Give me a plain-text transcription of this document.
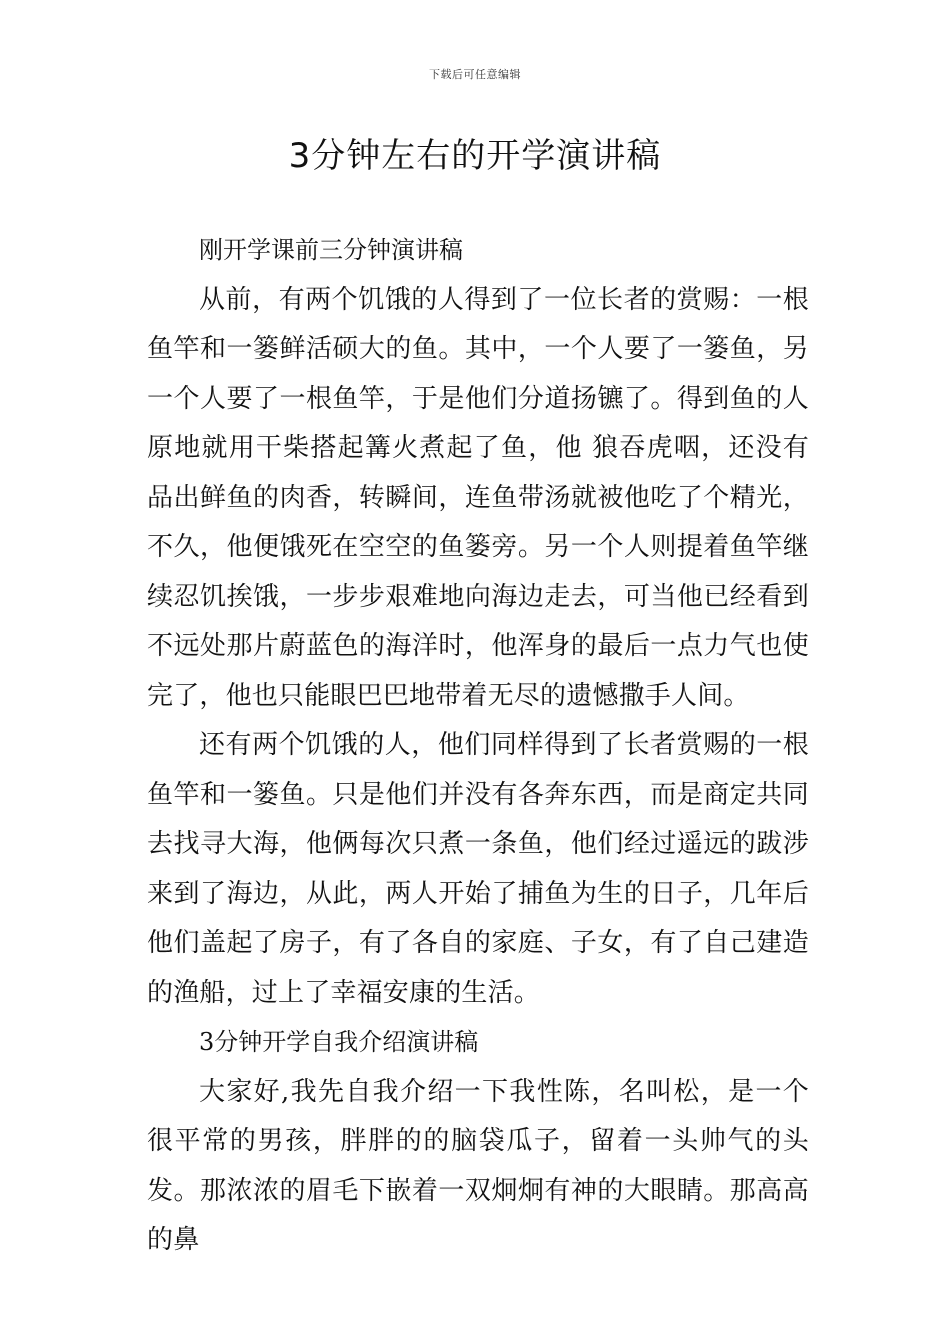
下载后可任意编辑
3分钟左右的开学演讲稿

刚开学课前三分钟演讲稿

从前，有两个饥饿的人得到了一位长者的赏赐：一根鱼竿和一篓鲜活硕大的鱼。其中，一个人要了一篓鱼，另一个人要了一根鱼竿，于是他们分道扬镳了。得到鱼的人原地就用干柴搭起篝火煮起了鱼，他 狼吞虎咽，还没有品出鲜鱼的肉香，转瞬间，连鱼带汤就被他吃了个精光，不久，他便饿死在空空的鱼篓旁。另一个人则提着鱼竿继续忍饥挨饿，一步步艰难地向海边走去，可当他已经看到不远处那片蔚蓝色的海洋时，他浑身的最后一点力气也使完了，他也只能眼巴巴地带着无尽的遗憾撒手人间。

还有两个饥饿的人，他们同样得到了长者赏赐的一根鱼竿和一篓鱼。只是他们并没有各奔东西，而是商定共同去找寻大海，他俩每次只煮一条鱼，他们经过遥远的跋涉来到了海边，从此，两人开始了捕鱼为生的日子，几年后他们盖起了房子，有了各自的家庭、子女，有了自己建造的渔船，过上了幸福安康的生活。

3分钟开学自我介绍演讲稿

大家好,我先自我介绍一下我性陈，名叫松，是一个很平常的男孩，胖胖的的脑袋瓜子，留着一头帅气的头发。那浓浓的眉毛下嵌着一双炯炯有神的大眼睛。那高高的鼻
